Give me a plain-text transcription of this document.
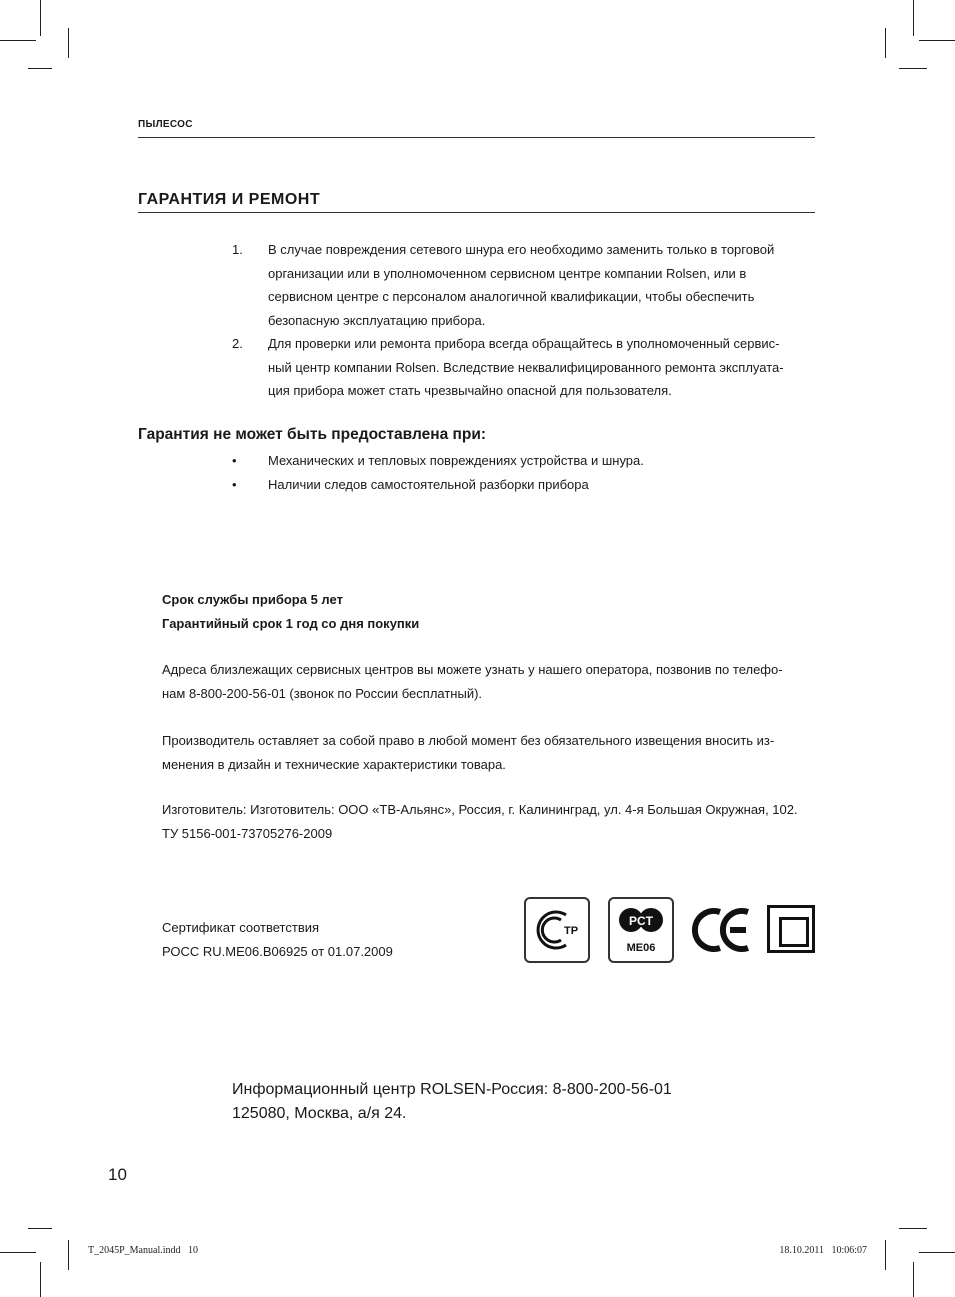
ПЫЛЕСОС
ГАРАНТИЯ И РЕМОНТ
1. В случае повреждения сетевого шнура его необходимо заменить только в торговой
организации или в уполномоченном сервисном центре компании Rolsen, или в
сервисном центре с персоналом аналогичной квалификации, чтобы обеспечить
безопасную эксплуатацию прибора.
2. Для проверки или ремонта прибора всегда обращайтесь в уполномоченный сервис-
ный центр компании Rolsen. Вследствие неквалифицированного ремонта эксплуата-
ция прибора может стать чрезвычайно опасной для пользователя.
Гарантия не может быть предоставлена при:
• Механических и тепловых повреждениях устройства и шнура.
• Наличии следов самостоятельной разборки прибора
Срок службы прибора 5 лет
Гарантийный срок 1 год со дня покупки
Адреса близлежащих сервисных центров вы можете узнать у нашего оператора, позвонив по телефо-
нам 8-800-200-56-01 (звонок по России бесплатный).
Производитель оставляет за собой право в любой момент без обязательного извещения вносить из-
менения в дизайн и технические характеристики товара.
Изготовитель: Изготовитель: ООО «ТВ-Альянс», Россия, г. Калининград, ул. 4-я Большая Окружная, 102.
ТУ 5156-001-73705276-2009
Сертификат соответствия
РОСС RU.ME06.B06925 от 01.07.2009
TP
PCT
ME06
Информационный центр ROLSEN-Россия: 8-800-200-56-01
125080, Москва, а/я 24.
10
T_2045P_Manual.indd   10	18.10.2011   10:06:07
